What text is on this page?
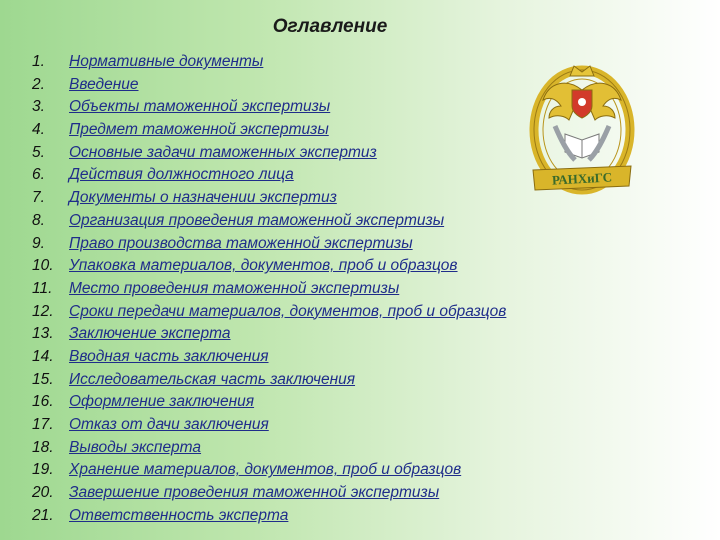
Оглавление
1. Нормативные документы
2. Введение
3. Объекты таможенной экспертизы
4. Предмет таможенной экспертизы
5. Основные задачи таможенных экспертиз
6. Действия должностного лица
7. Документы о назначении экспертиз
8. Организация проведения таможенной экспертизы
9. Право производства таможенной экспертизы
10. Упаковка материалов, документов, проб и образцов
11. Место проведения таможенной экспертизы
12. Сроки передачи материалов, документов, проб и образцов
13. Заключение эксперта
14. Вводная часть заключения
15. Исследовательская часть заключения
16. Оформление заключения
17. Отказ от дачи заключения
18. Выводы эксперта
19. Хранение материалов, документов, проб и образцов
20. Завершение проведения таможенной экспертизы
21. Ответственность эксперта
РАНХиГС
